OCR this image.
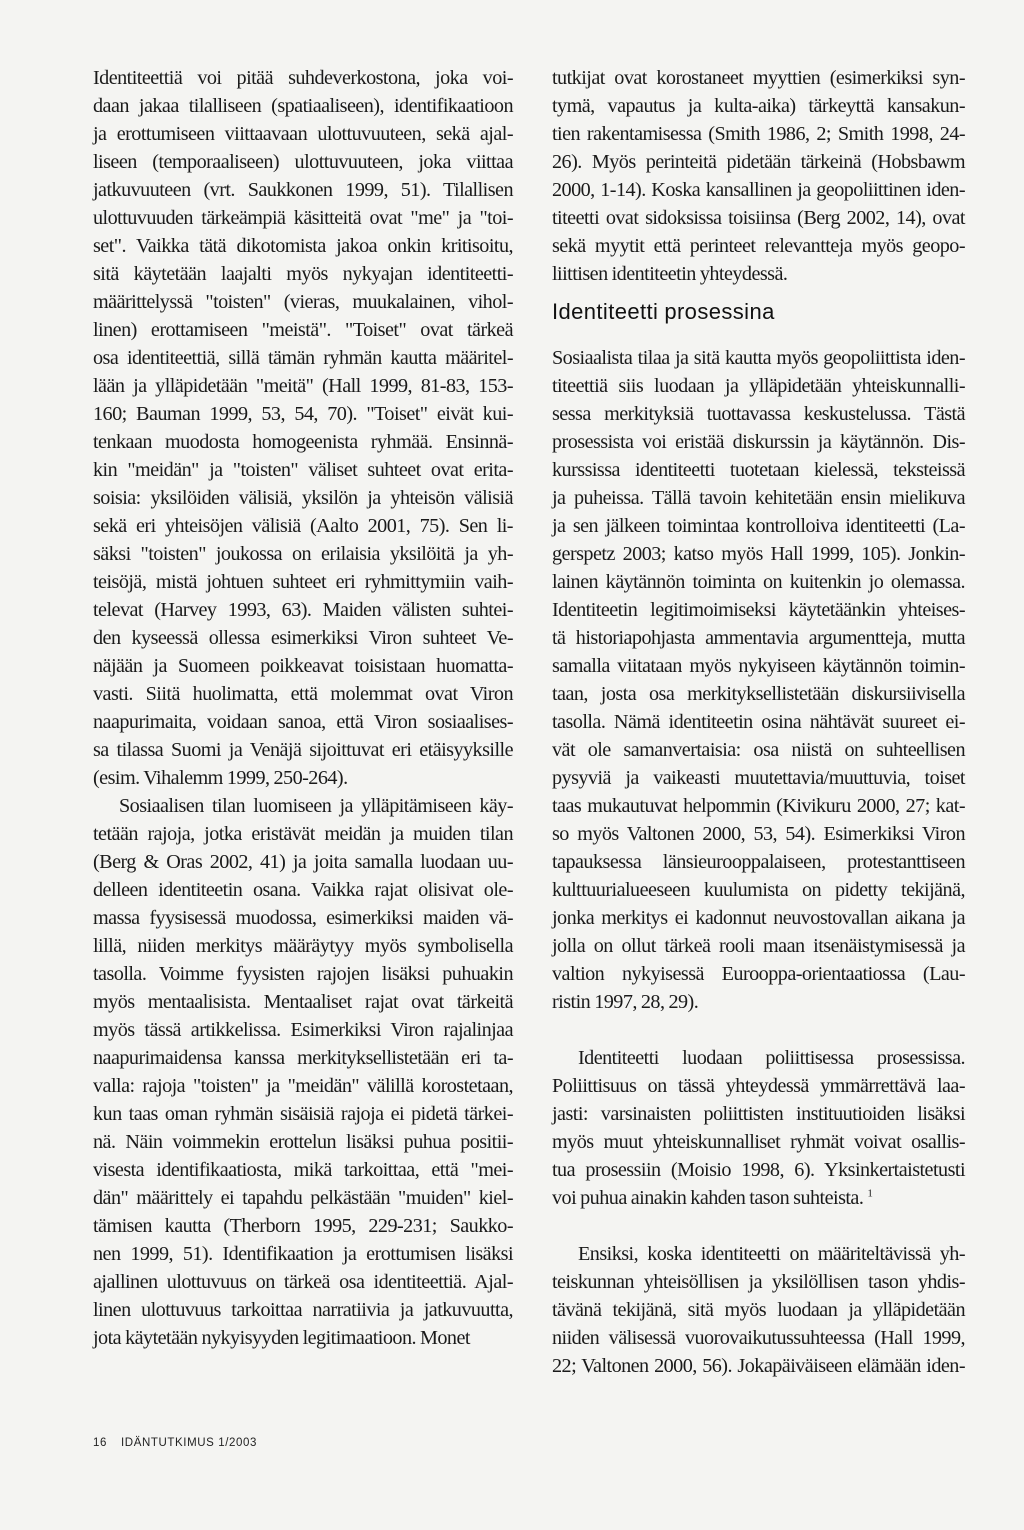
Identiteettiä voi pitää suhdeverkostona, joka voi-
daan jakaa tilalliseen (spatiaaliseen), identifikaatioon
ja erottumiseen viittaavaan ulottuvuuteen, sekä ajal-
liseen (temporaaliseen) ulottuvuuteen, joka viittaa
jatkuvuuteen (vrt. Saukkonen 1999, 51). Tilallisen
ulottuvuuden tärkeämpiä käsitteitä ovat "me" ja "toi-
set". Vaikka tätä dikotomista jakoa onkin kritisoitu,
sitä käytetään laajalti myös nykyajan identiteetti-
määrittelyssä "toisten" (vieras, muukalainen, vihol-
linen) erottamiseen "meistä". "Toiset" ovat tärkeä
osa identiteettiä, sillä tämän ryhmän kautta määritel-
lään ja ylläpidetään "meitä" (Hall 1999, 81-83, 153-
160; Bauman 1999, 53, 54, 70). "Toiset" eivät kui-
tenkaan muodosta homogeenista ryhmää. Ensinnä-
kin "meidän" ja "toisten" väliset suhteet ovat erita-
soisia: yksilöiden välisiä, yksilön ja yhteisön välisiä
sekä eri yhteisöjen välisiä (Aalto 2001, 75). Sen li-
säksi "toisten" joukossa on erilaisia yksilöitä ja yh-
teisöjä, mistä johtuen suhteet eri ryhmittymiin vaih-
televat (Harvey 1993, 63). Maiden välisten suhtei-
den kyseessä ollessa esimerkiksi Viron suhteet Ve-
näjään ja Suomeen poikkeavat toisistaan huomatta-
vasti. Siitä huolimatta, että molemmat ovat Viron
naapurimaita, voidaan sanoa, että Viron sosiaalises-
sa tilassa Suomi ja Venäjä sijoittuvat eri etäisyyksille
(esim. Vihalemm 1999, 250-264).
Sosiaalisen tilan luomiseen ja ylläpitämiseen käy-
tetään rajoja, jotka eristävät meidän ja muiden tilan
(Berg & Oras 2002, 41) ja joita samalla luodaan uu-
delleen identiteetin osana. Vaikka rajat olisivat ole-
massa fyysisessä muodossa, esimerkiksi maiden vä-
lillä, niiden merkitys määräytyy myös symbolisella
tasolla. Voimme fyysisten rajojen lisäksi puhuakin
myös mentaalisista. Mentaaliset rajat ovat tärkeitä
myös tässä artikkelissa. Esimerkiksi Viron rajalinjaa
naapurimaidensa kanssa merkityksellistetään eri ta-
valla: rajoja "toisten" ja "meidän" välillä korostetaan,
kun taas oman ryhmän sisäisiä rajoja ei pidetä tärkei-
nä. Näin voimmekin erottelun lisäksi puhua positii-
visesta identifikaatiosta, mikä tarkoittaa, että "mei-
dän" määrittely ei tapahdu pelkästään "muiden" kiel-
tämisen kautta (Therborn 1995, 229-231; Saukko-
nen 1999, 51). Identifikaation ja erottumisen lisäksi
ajallinen ulottuvuus on tärkeä osa identiteettiä. Ajal-
linen ulottuvuus tarkoittaa narratiivia ja jatkuvuutta,
jota käytetään nykyisyyden legitimaatioon. Monet
tutkijat ovat korostaneet myyttien (esimerkiksi syn-
tymä, vapautus ja kulta-aika) tärkeyttä kansakun-
tien rakentamisessa (Smith 1986, 2; Smith 1998, 24-
26). Myös perinteitä pidetään tärkeinä (Hobsbawm
2000, 1-14). Koska kansallinen ja geopoliittinen iden-
titeetti ovat sidoksissa toisiinsa (Berg 2002, 14), ovat
sekä myytit että perinteet relevantteja myös geopo-
liittisen identiteetin yhteydessä.
Identiteetti prosessina
Sosiaalista tilaa ja sitä kautta myös geopoliittista iden-
titeettiä siis luodaan ja ylläpidetään yhteiskunnalli-
sessa merkityksiä tuottavassa keskustelussa. Tästä
prosessista voi eristää diskurssin ja käytännön. Dis-
kurssissa identiteetti tuotetaan kielessä, teksteissä
ja puheissa. Tällä tavoin kehitetään ensin mielikuva
ja sen jälkeen toimintaa kontrolloiva identiteetti (La-
gerspetz 2003; katso myös Hall 1999, 105). Jonkin-
lainen käytännön toiminta on kuitenkin jo olemassa.
Identiteetin legitimoimiseksi käytetäänkin yhteises-
tä historiapohjasta ammentavia argumentteja, mutta
samalla viitataan myös nykyiseen käytännön toimin-
taan, josta osa merkityksellistetään diskursiivisella
tasolla. Nämä identiteetin osina nähtävät suureet ei-
vät ole samanvertaisia: osa niistä on suhteellisen
pysyviä ja vaikeasti muutettavia/muuttuvia, toiset
taas mukautuvat helpommin (Kivikuru 2000, 27; kat-
so myös Valtonen 2000, 53, 54). Esimerkiksi Viron
tapauksessa länsieurooppalaiseen, protestanttiseen
kulttuurialueeseen kuulumista on pidetty tekijänä,
jonka merkitys ei kadonnut neuvostovallan aikana ja
jolla on ollut tärkeä rooli maan itsenäistymisessä ja
valtion nykyisessä Eurooppa-orientaatiossa (Lau-
ristin 1997, 28, 29).
Identiteetti luodaan poliittisessa prosessissa.
Poliittisuus on tässä yhteydessä ymmärrettävä laa-
jasti: varsinaisten poliittisten instituutioiden lisäksi
myös muut yhteiskunnalliset ryhmät voivat osallis-
tua prosessiin (Moisio 1998, 6). Yksinkertaistetusti
voi puhua ainakin kahden tason suhteista. $^1$
Ensiksi, koska identiteetti on määriteltävissä yh-
teiskunnan yhteisöllisen ja yksilöllisen tason yhdis-
tävänä tekijänä, sitä myös luodaan ja ylläpidetään
niiden välisessä vuorovaikutussuhteessa (Hall 1999,
22; Valtonen 2000, 56). Jokapäiväiseen elämään iden-
16 IDÄNTUTKIMUS 1/2003
